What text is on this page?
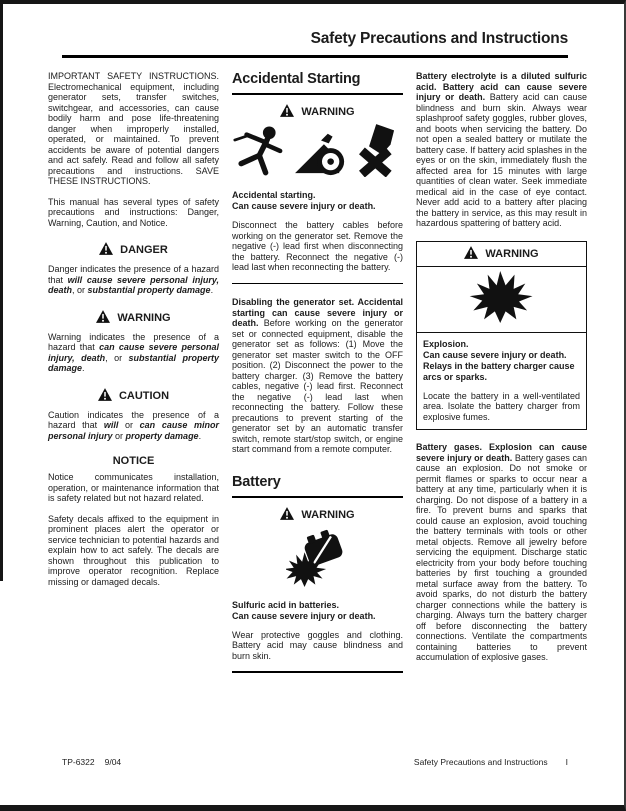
Safety Precautions and Instructions

IMPORTANT SAFETY INSTRUCTIONS. Electromechanical equipment, including generator sets, transfer switches, switchgear, and accessories, can cause bodily harm and pose life-threatening danger when improperly installed, operated, or maintained. To prevent accidents be aware of potential dangers and act safely. Read and follow all safety precautions and instructions. SAVE THESE INSTRUCTIONS.

This manual has several types of safety precautions and instructions: Danger, Warning, Caution, and Notice.

DANGER

Danger indicates the presence of a hazard that will cause severe personal injury, death, or substantial property damage.

WARNING

Warning indicates the presence of a hazard that can cause severe personal injury, death, or substantial property damage.

CAUTION

Caution indicates the presence of a hazard that will or can cause minor personal injury or property damage.

NOTICE

Notice communicates installation, operation, or maintenance information that is safety related but not hazard related.

Safety decals affixed to the equipment in prominent places alert the operator or service technician to potential hazards and explain how to act safely. The decals are shown throughout this publication to improve operator recognition. Replace missing or damaged decals.

Accidental Starting
WARNING
Accidental starting.
Can cause severe injury or death.

Disconnect the battery cables before working on the generator set. Remove the negative (-) lead first when disconnecting the battery. Reconnect the negative (-) lead last when reconnecting the battery.

Disabling the generator set. Accidental starting can cause severe injury or death. Before working on the generator set or connected equipment, disable the generator set as follows: (1) Move the generator set master switch to the OFF position. (2) Disconnect the power to the battery charger. (3) Remove the battery cables, negative (-) lead first. Reconnect the negative (-) lead last when reconnecting the battery. Follow these precautions to prevent starting of the generator set by an automatic transfer switch, remote start/stop switch, or engine start command from a remote computer.

Battery
WARNING
Sulfuric acid in batteries.
Can cause severe injury or death.

Wear protective goggles and clothing. Battery acid may cause blindness and burn skin.

Battery electrolyte is a diluted sulfuric acid. Battery acid can cause severe injury or death. Battery acid can cause blindness and burn skin. Always wear splashproof safety goggles, rubber gloves, and boots when servicing the battery. Do not open a sealed battery or mutilate the battery case. If battery acid splashes in the eyes or on the skin, immediately flush the affected area for 15 minutes with large quantities of clean water. Seek immediate medical aid in the case of eye contact. Never add acid to a battery after placing the battery in service, as this may result in hazardous spattering of battery acid.

WARNING
Explosion.
Can cause severe injury or death.
Relays in the battery charger cause arcs or sparks.

Locate the battery in a well-ventilated area. Isolate the battery charger from explosive fumes.

Battery gases. Explosion can cause severe injury or death. Battery gases can cause an explosion. Do not smoke or permit flames or sparks to occur near a battery at any time, particularly when it is charging. Do not dispose of a battery in a fire. To prevent burns and sparks that could cause an explosion, avoid touching the battery terminals with tools or other metal objects. Remove all jewelry before servicing the equipment. Discharge static electricity from your body before touching batteries by first touching a grounded metal surface away from the battery. To avoid sparks, do not disturb the battery charger connections while the battery is charging. Always turn the battery charger off before disconnecting the battery connections. Ventilate the compartments containing batteries to prevent accumulation of explosive gases.

TP-6322 9/04	Safety Precautions and Instructions I
